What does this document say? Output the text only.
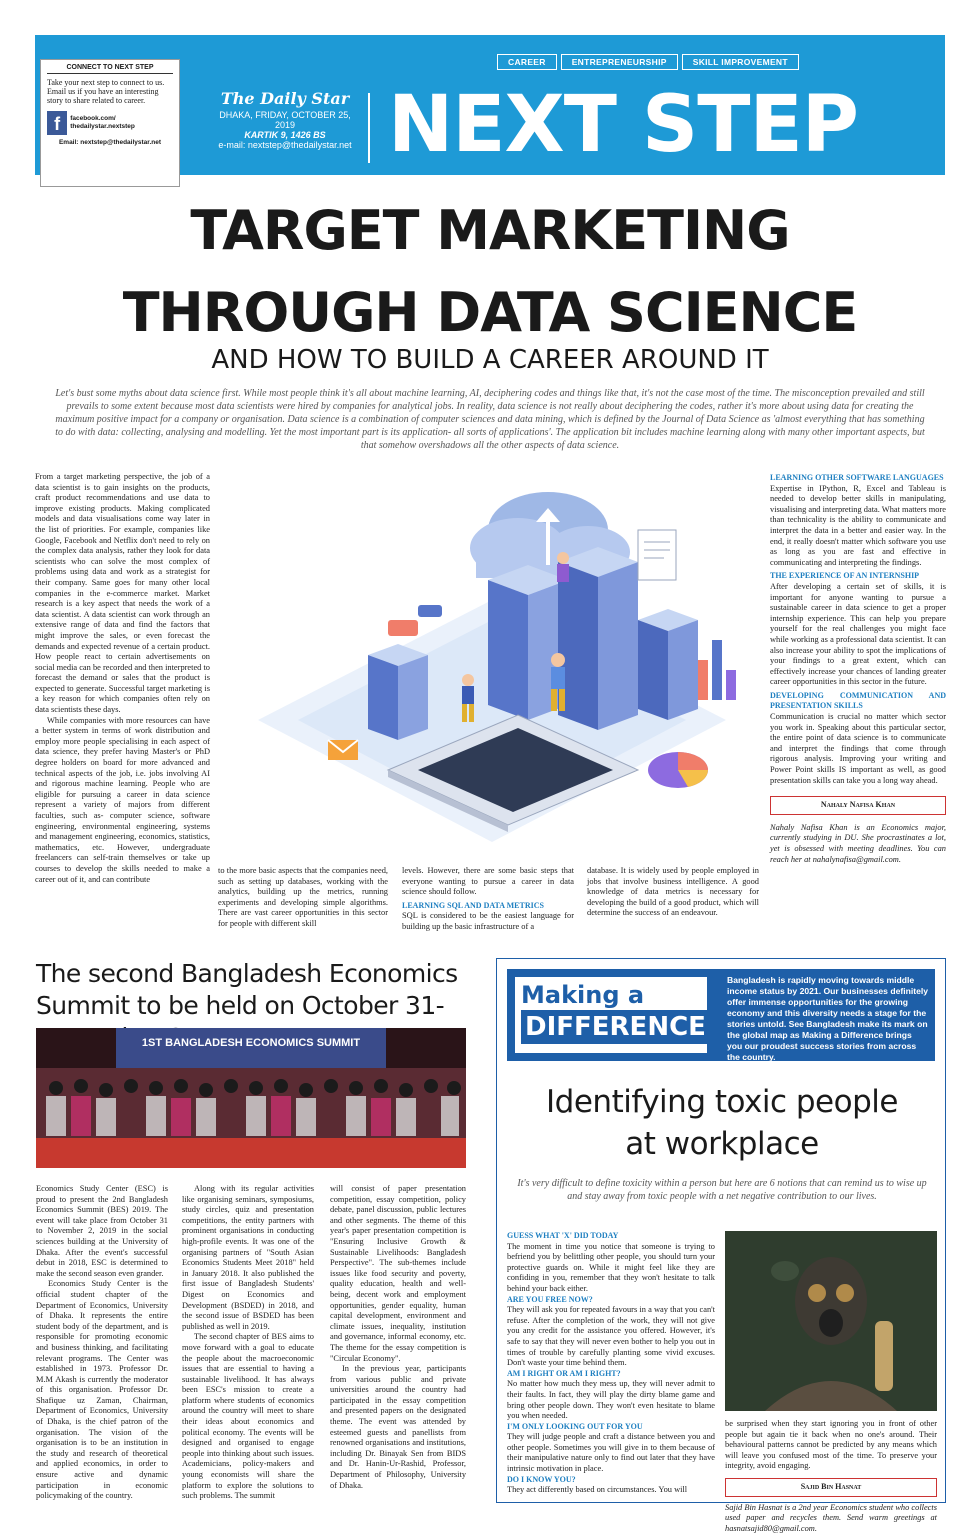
CONNECT TO NEXT STEP
Take your next step to connect to us. Email us if you have an interesting story to share related to career.
f	facebook.com/ thedailystar.nextstep
Email: nextstep@thedailystar.net
CAREER	ENTREPRENEURSHIP	SKILL IMPROVEMENT
The Daily Star
DHAKA, FRIDAY, OCTOBER 25, 2019
KARTIK 9, 1426 BS
e-mail: nextstep@thedailystar.net NEXT STEP
TARGET MARKETING
THROUGH DATA SCIENCE
AND HOW TO BUILD A CAREER AROUND IT
Let's bust some myths about data science first. While most people think it's all about machine learning, AI, deciphering codes and things like that, it's not the case most of the time. The misconception prevailed and still prevails to some extent because most data scientists were hired by companies for analytical jobs. In reality, data science is not really about deciphering the codes, rather it's more about using data for creating the maximum positive impact for a company or organisation. Data science is a combination of computer sciences and data mining, which is defined by the Journal of Data Science as 'almost everything that has something to do with data: collecting, analysing and modelling. Yet the most important part is its application- all sorts of applications'. The application bit includes machine learning along with many other important aspects, but that somehow overshadows all the other aspects of data science.

From a target marketing perspective, the job of a data scientist is to gain insights on the products, craft product recommendations and use data to improve existing products. Making complicated models and data visualisations come way later in the list of priorities. For example, companies like Google, Facebook and Netflix don't need to rely on the complex data analysis, rather they look for data scientists who can solve the most complex of problems using data and work as a strategist for their company. Same goes for many other local companies in the e-commerce market. Market research is a key aspect that needs the work of a data scientist. A data scientist can work through an extensive range of data and find the factors that might improve the sales, or even forecast the demands and expected revenue of a certain product. How people react to certain advertisements on social media can be recorded and then interpreted to forecast the demand or sales that the product is expected to generate. Successful target marketing is a key reason for which companies often rely on data scientists these days.

While companies with more resources can have a better system in terms of work distribution and employ more people specialising in each aspect of data science, they prefer having Master's or PhD degree holders on board for more advanced and technical aspects of the job, i.e. jobs involving AI and rigorous machine learning. People who are eligible for pursuing a career in data science represent a variety of majors from different faculties, such as- computer science, software engineering, environmental engineering, systems and management engineering, economics, statistics, mathematics, etc. However, undergraduate freelancers can self-train themselves or take up courses to develop the skills needed to make a career out of it, and can contribute

to the more basic aspects that the companies need, such as setting up databases, working with the analytics, building up the metrics, running experiments and developing simple algorithms. There are vast career opportunities in this sector for people with different skill

levels. However, there are some basic steps that everyone wanting to pursue a career in data science should follow.

LEARNING SQL AND DATA METRICS

SQL is considered to be the easiest language for building up the basic infrastructure of a

database. It is widely used by people employed in jobs that involve business intelligence. A good knowledge of data metrics is necessary for developing the build of a good product, which will determine the success of an endeavour.

LEARNING OTHER SOFTWARE LANGUAGES

Expertise in IPython, R, Excel and Tableau is needed to develop better skills in manipulating, visualising and interpreting data. What matters more than technicality is the ability to communicate and interpret the data in a better and easier way. In the end, it really doesn't matter which software you use as long as you are fast and effective in communicating and interpreting the findings.

THE EXPERIENCE OF AN INTERNSHIP

After developing a certain set of skills, it is important for anyone wanting to pursue a sustainable career in data science to get a proper internship experience. This can help you prepare yourself for the real challenges you might face while working as a professional data scientist. It can also increase your ability to spot the implications of your findings to a great extent, which can effectively increase your chances of landing greater career opportunities in this sector in the future.

DEVELOPING COMMUNICATION AND PRESENTATION SKILLS

Communication is crucial no matter which sector you work in. Speaking about this particular sector, the entire point of data science is to communicate and interpret the findings that come through rigorous analysis. Improving your writing and Power Point skills IS important as well, as good presentation skills can take you a long way ahead.

Nahaly Nafisa Khan
Nahaly Nafisa Khan is an Economics major, currently studying in DU. She procrastinates a lot, yet is obsessed with meeting deadlines. You can reach her at nahalynafisa@gmail.com.
The second Bangladesh Economics Summit to be held on October 31-
1ST BANGLADESH ECONOMICS SUMMIT

Economics Study Center (ESC) is proud to present the 2nd Bangladesh Economics Summit (BES) 2019. The event will take place from October 31 to November 2, 2019 in the social sciences building at the University of Dhaka. After the event's successful debut in 2018, ESC is determined to make the second season even grander.

Economics Study Center is the official student chapter of the Department of Economics, University of Dhaka. It represents the entire student body of the department, and is responsible for promoting economic and business thinking, and facilitating relevant programs. The Center was established in 1973. Professor Dr. M.M Akash is currently the moderator of this organisation. Professor Dr. Shafique uz Zaman, Chairman, Department of Economics, University of Dhaka, is the chief patron of the organisation. The vision of the organisation is to be an institution in the study and research of theoretical and applied economics, in order to ensure active and dynamic participation in economic policymaking of the country.

Along with its regular activities like organising seminars, symposiums, study circles, quiz and presentation competitions, the entity partners with prominent organisations in conducting high-profile events. It was one of the organising partners of "South Asian Economics Students Meet 2018" held in January 2018. It also published the first issue of Bangladesh Students' Digest on Economics and Development (BSDED) in 2018, and the second issue of BSDED has been published as well in 2019.

The second chapter of BES aims to move forward with a goal to educate the people about the macroeconomic issues that are essential to having a sustainable livelihood. It has always been ESC's mission to create a platform where students of economics around the country will meet to share their ideas about economics and political economy. The events will be designed and organised to engage people into thinking about such issues. Academicians, policy-makers and young economists will share the platform to explore the solutions to such problems. The summit

will consist of paper presentation competition, essay competition, policy debate, panel discussion, public lectures and other segments. The theme of this year's paper presentation competition is "Ensuring Inclusive Growth & Sustainable Livelihoods: Bangladesh Perspective". The sub-themes include issues like food security and poverty, quality education, health and well-being, decent work and employment opportunities, gender equality, human capital development, environment and climate issues, inequality, institution and governance, informal economy, etc. The theme for the essay competition is "Circular Economy".

In the previous year, participants from various public and private universities around the country had participated in the essay competition and presented papers on the designated theme. The event was attended by esteemed guests and panellists from renowned organisations and institutions, including Dr. Binayak Sen from BIDS and Dr. Hanin-Ur-Rashid, Professor, Department of Philosophy, University of Dhaka.

Making a
DIFFERENCE
Bangladesh is rapidly moving towards middle income status by 2021. Our businesses definitely offer immense opportunities for the growing economy and this diversity needs a stage for the stories untold. See Bangladesh make its mark on the global map as Making a Difference brings you our proudest success stories from across the country.
Identifying toxic people
at workplace
It's very difficult to define toxicity within a person but here are 6 notions that can remind us to wise up and stay away from toxic people with a net negative contribution to our lives.
GUESS WHAT 'X' DID TODAY

The moment in time you notice that someone is trying to befriend you by belittling other people, you should turn your protective guards on. While it might feel like they are confiding in you, remember that they won't hesitate to talk behind your back either.

ARE YOU FREE NOW?

They will ask you for repeated favours in a way that you can't refuse. After the completion of the work, they will not give you any credit for the assistance you offered. However, it's safe to say that they will never even bother to help you out in times of trouble by carefully planting some vivid excuses. Don't waste your time behind them.

AM I RIGHT OR AM I RIGHT?

No matter how much they mess up, they will never admit to their faults. In fact, they will play the dirty blame game and bring other people down. They won't even hesitate to blame you when needed.

I'M ONLY LOOKING OUT FOR YOU

They will judge people and craft a distance between you and other people. Sometimes you will give in to them because of their manipulative nature only to find out later that they have intrinsic motivation in place.

DO I KNOW YOU?

They act differently based on circumstances. You will

be surprised when they start ignoring you in front of other people but again tie it back when no one's around. Their behavioural patterns cannot be predicted by any means which will leave you confused most of the time. To preserve your integrity, avoid engaging.

Sajid Bin Hasnat
Sajid Bin Hasnat is a 2nd year Economics student who collects used paper and recycles them. Send warm greetings at hasnatsajid80@gmail.com.
